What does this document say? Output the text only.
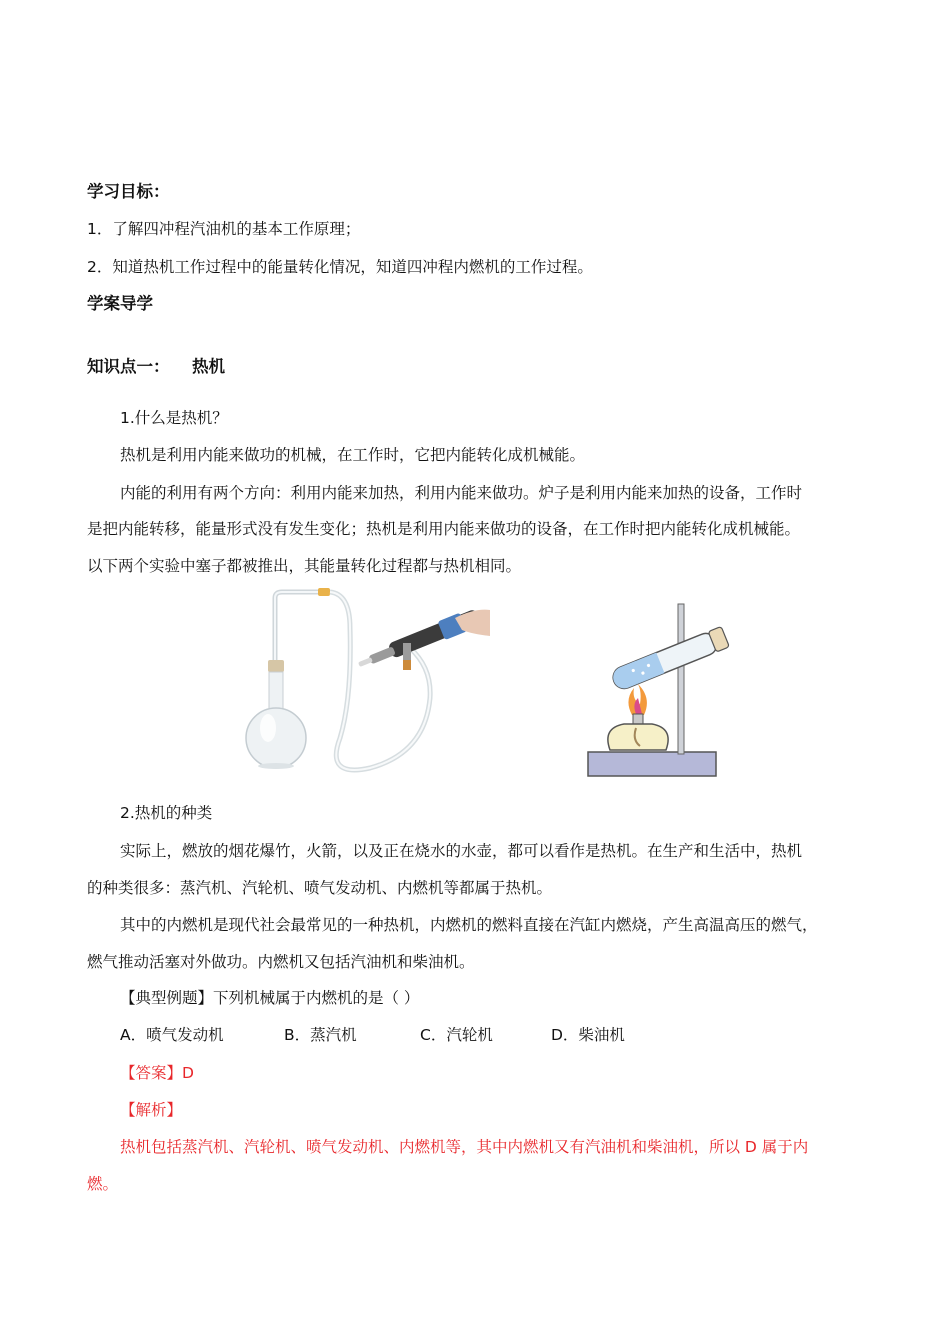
学习目标：
1．了解四冲程汽油机的基本工作原理；
2．知道热机工作过程中的能量转化情况，知道四冲程内燃机的工作过程。
学案导学
知识点一： 热机
1.什么是热机？
热机是利用内能来做功的机械，在工作时，它把内能转化成机械能。
内能的利用有两个方向：利用内能来加热，利用内能来做功。炉子是利用内能来加热的设备，工作时
是把内能转移，能量形式没有发生变化；热机是利用内能来做功的设备，在工作时把内能转化成机械能。
以下两个实验中塞子都被推出，其能量转化过程都与热机相同。
2.热机的种类
实际上，燃放的烟花爆竹，火箭，以及正在烧水的水壶，都可以看作是热机。在生产和生活中，热机
的种类很多：蒸汽机、汽轮机、喷气发动机、内燃机等都属于热机。
其中的内燃机是现代社会最常见的一种热机，内燃机的燃料直接在汽缸内燃烧，产生高温高压的燃气，
燃气推动活塞对外做功。内燃机又包括汽油机和柴油机。
【典型例题】下列机械属于内燃机的是（ ）
A．喷气发动机	B．蒸汽机	C．汽轮机	D．柴油机
【答案】D
【解析】
热机包括蒸汽机、汽轮机、喷气发动机、内燃机等，其中内燃机又有汽油机和柴油机，所以 D 属于内
燃。
